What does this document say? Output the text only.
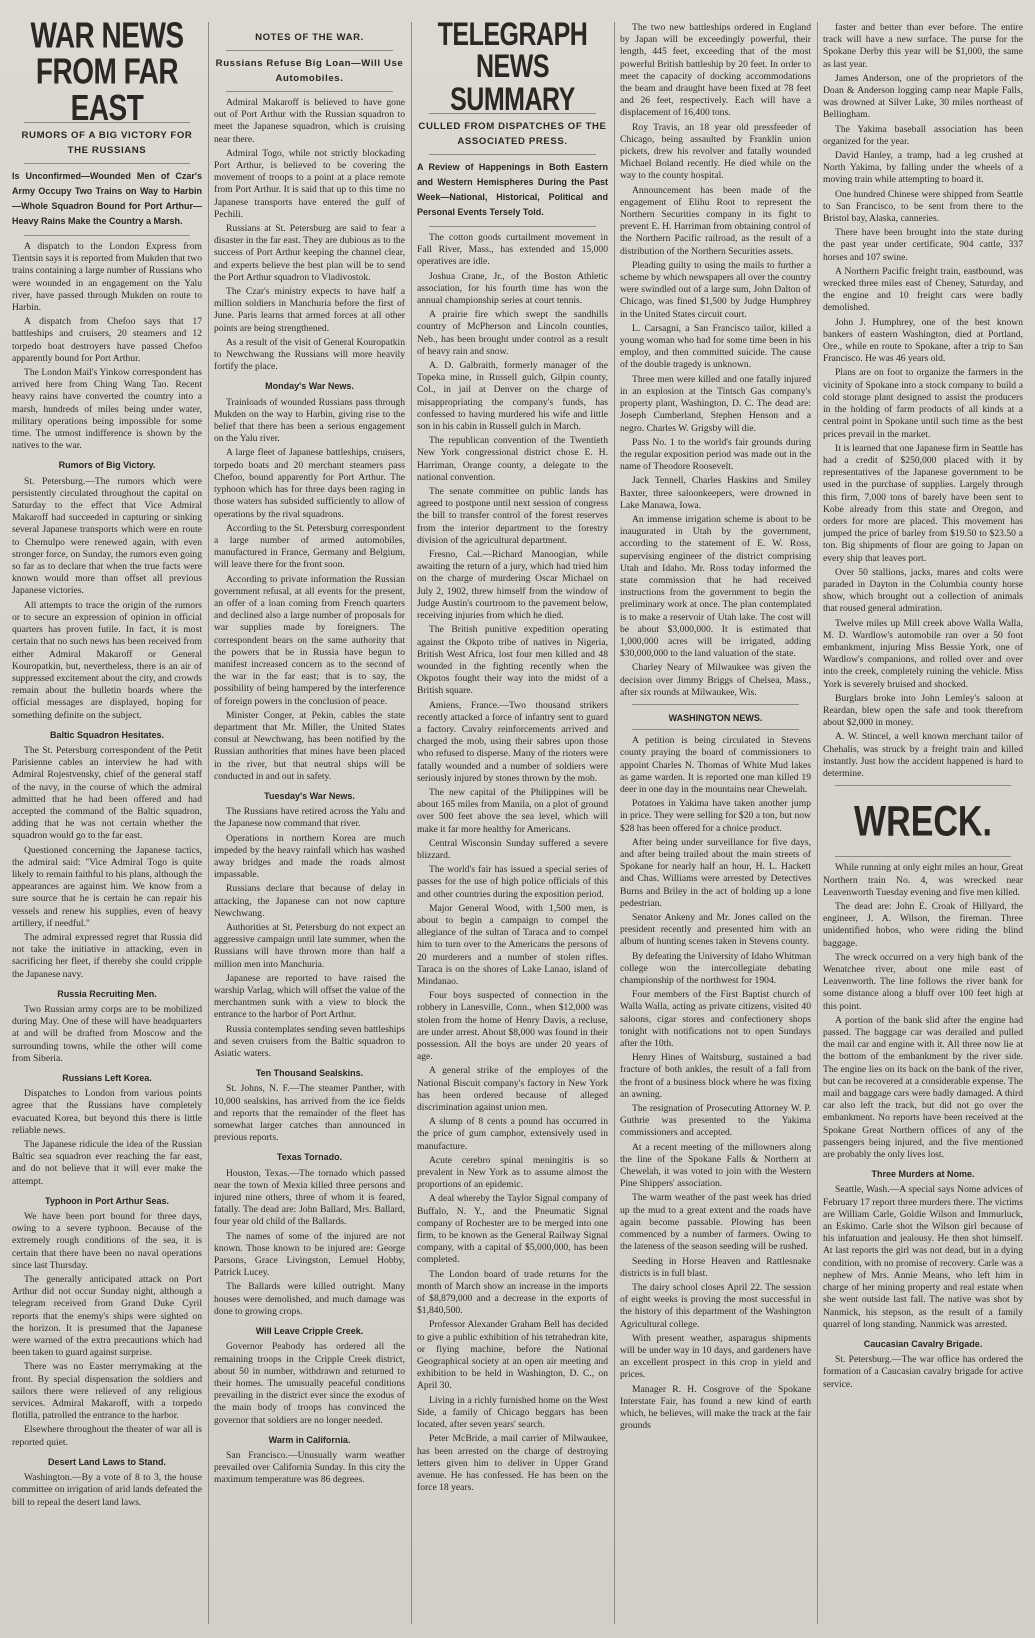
WAR NEWS FROM FAR EAST
RUMORS OF A BIG VICTORY FOR THE RUSSIANS
Is Unconfirmed—Wounded Men of Czar's Army Occupy Two Trains on Way to Harbin—Whole Squadron Bound for Port Arthur—Heavy Rains Make the Country a Marsh.

A dispatch to the London Express from Tientsin says it is reported from Mukden that two trains containing a large number of Russians who were wounded in an engagement on the Yalu river, have passed through Mukden on route to Harbin.

A dispatch from Chefoo says that 17 battleships and cruisers, 20 steamers and 12 torpedo boat destroyers have passed Chefoo apparently bound for Port Arthur.

The London Mail's Yinkow correspondent has arrived here from Ching Wang Tao. Recent heavy rains have converted the country into a marsh, hundreds of miles being under water, military operations being impossible for some time. The utmost indifference is shown by the natives to the war.

Rumors of Big Victory.

St. Petersburg.—The rumors which were persistently circulated throughout the capital on Saturday to the effect that Vice Admiral Makaroff had succeeded in capturing or sinking several Japanese transports which were en route to Chemulpo were renewed again, with even stronger force, on Sunday, the rumors even going so far as to declare that when the true facts were known would more than offset all previous Japanese victories.

All attempts to trace the origin of the rumors or to secure an expression of opinion in official quarters has proven futile. In fact, it is most certain that no such news has been received from either Admiral Makaroff or General Kouropatkin, but, nevertheless, there is an air of suppressed excitement about the city, and crowds remain about the bulletin boards where the official messages are displayed, hoping for something definite on the subject.

Baltic Squadron Hesitates.

The St. Petersburg correspondent of the Petit Parisienne cables an interview he had with Admiral Rojestvensky, chief of the general staff of the navy, in the course of which the admiral admitted that he had been offered and had accepted the command of the Baltic squadron, adding that he was not certain whether the squadron would go to the far east.

Questioned concerning the Japanese tactics, the admiral said: "Vice Admiral Togo is quite likely to remain faithful to his plans, although the appearances are against him. We know from a sure source that he is certain he can repair his vessels and renew his supplies, even of heavy artillery, if needful."

The admiral expressed regret that Russia did not take the initiative in attacking, even in sacrificing her fleet, if thereby she could cripple the Japanese navy.

Russia Recruiting Men.

Two Russian army corps are to be mobilized during May. One of these will have headquarters at and will be drafted from Moscow and the surrounding towns, while the other will come from Siberia.

Russians Left Korea.

Dispatches to London from various points agree that the Russians have completely evacuated Korea, but beyond this there is little reliable news.

The Japanese ridicule the idea of the Russian Baltic sea squadron ever reaching the far east, and do not believe that it will ever make the attempt.

Typhoon in Port Arthur Seas.

We have been port bound for three days, owing to a severe typhoon. Because of the extremely rough conditions of the sea, it is certain that there have been no naval operations since last Thursday.

The generally anticipated attack on Port Arthur did not occur Sunday night, although a telegram received from Grand Duke Cyril reports that the enemy's ships were sighted on the horizon. It is presumed that the Japanese were warned of the extra precautions which had been taken to guard against surprise.

There was no Easter merrymaking at the front. By special dispensation the soldiers and sailors there were relieved of any religious services. Admiral Makaroff, with a torpedo flotilla, patrolled the entrance to the harbor.

Elsewhere throughout the theater of war all is reported quiet.

Desert Land Laws to Stand.

Washington.—By a vote of 8 to 3, the house committee on irrigation of arid lands defeated the bill to repeal the desert land laws.

NOTES OF THE WAR.
Russians Refuse Big Loan—Will Use Automobiles.

Admiral Makaroff is believed to have gone out of Port Arthur with the Russian squadron to meet the Japanese squadron, which is cruising near there.

Admiral Togo, while not strictly blockading Port Arthur, is believed to be covering the movement of troops to a point at a place remote from Port Arthur. It is said that up to this time no Japanese transports have entered the gulf of Pechili.

Russians at St. Petersburg are said to fear a disaster in the far east. They are dubious as to the success of Port Arthur keeping the channel clear, and experts believe the best plan will be to send the Port Arthur squadron to Vladivostok.

The Czar's ministry expects to have half a million soldiers in Manchuria before the first of June. Paris learns that armed forces at all other points are being strengthened.

As a result of the visit of General Kouropatkin to Newchwang the Russians will more heavily fortify the place.

Monday's War News.

Trainloads of wounded Russians pass through Mukden on the way to Harbin, giving rise to the belief that there has been a serious engagement on the Yalu river.

A large fleet of Japanese battleships, cruisers, torpedo boats and 20 merchant steamers pass Chefoo, bound apparently for Port Arthur. The typhoon which has for three days been raging in those waters has subsided sufficiently to allow of operations by the rival squadrons.

According to the St. Petersburg correspondent a large number of armed automobiles, manufactured in France, Germany and Belgium, will leave there for the front soon.

According to private information the Russian government refusal, at all events for the present, an offer of a loan coming from French quarters and declined also a large number of proposals for war supplies made by foreigners. The correspondent bears on the same authority that the powers that be in Russia have begun to manifest increased concern as to the second of the war in the far east; that is to say, the possibility of being hampered by the interference of foreign powers in the conclusion of peace.

Minister Conger, at Pekin, cables the state department that Mr. Miller, the United States consul at Newchwang, has been notified by the Russian authorities that mines have been placed in the river, but that neutral ships will be conducted in and out in safety.

Tuesday's War News.

The Russians have retired across the Yalu and the Japanese now command that river.

Operations in northern Korea are much impeded by the heavy rainfall which has washed away bridges and made the roads almost impassable.

Russians declare that because of delay in attacking, the Japanese can not now capture Newchwang.

Authorities at St. Petersburg do not expect an aggressive campaign until late summer, when the Russians will have thrown more than half a million men into Manchuria.

Japanese are reported to have raised the warship Varlag, which will offset the value of the merchantmen sunk with a view to block the entrance to the harbor of Port Arthur.

Russia contemplates sending seven battleships and seven cruisers from the Baltic squadron to Asiatic waters.

Ten Thousand Sealskins.

St. Johns, N. F.—The steamer Panther, with 10,000 sealskins, has arrived from the ice fields and reports that the remainder of the fleet has somewhat larger catches than announced in previous reports.

Texas Tornado.

Houston, Texas.—The tornado which passed near the town of Mexia killed three persons and injured nine others, three of whom it is feared, fatally. The dead are: John Ballard, Mrs. Ballard, four year old child of the Ballards.

The names of some of the injured are not known. Those known to be injured are: George Parsons, Grace Livingston, Lemuel Hobby, Patrick Lucey.

The Ballards were killed outright. Many houses were demolished, and much damage was done to growing crops.

Will Leave Cripple Creek.

Governor Peabody has ordered all the remaining troops in the Cripple Creek district, about 50 in number, withdrawn and returned to their homes. The unusually peaceful conditions prevailing in the district ever since the exodus of the main body of troops has convinced the governor that soldiers are no longer needed.

Warm in California.

San Francisco.—Unusually warm weather prevailed over California Sunday. In this city the maximum temperature was 86 degrees.

TELEGRAPH NEWS SUMMARY
CULLED FROM DISPATCHES OF THE ASSOCIATED PRESS.
A Review of Happenings in Both Eastern and Western Hemispheres During the Past Week—National, Historical, Political and Personal Events Tersely Told.

The cotton goods curtailment movement in Fall River, Mass., has extended and 15,000 operatives are idle.

Joshua Crane, Jr., of the Boston Athletic association, for his fourth time has won the annual championship series at court tennis.

A prairie fire which swept the sandhills country of McPherson and Lincoln counties, Neb., has been brought under control as a result of heavy rain and snow.

A. D. Galbraith, formerly manager of the Topeka mine, in Russell gulch, Gilpin county, Col., in jail at Denver on the charge of misappropriating the company's funds, has confessed to having murdered his wife and little son in his cabin in Russell gulch in March.

The republican convention of the Twentieth New York congressional district chose E. H. Harriman, Orange county, a delegate to the national convention.

The senate committee on public lands has agreed to postpone until next session of congress the bill to transfer control of the forest reserves from the interior department to the forestry division of the agricultural department.

Fresno, Cal.—Richard Manoogian, while awaiting the return of a jury, which had tried him on the charge of murdering Oscar Michael on July 2, 1902, threw himself from the window of Judge Austin's courtroom to the pavement below, receiving injuries from which he died.

The British punitive expedition operating against the Okpoto tribe of natives in Nigeria, British West Africa, lost four men killed and 48 wounded in the fighting recently when the Okpotos fought their way into the midst of a British square.

Amiens, France.—Two thousand strikers recently attacked a force of infantry sent to guard a factory. Cavalry reinforcements arrived and charged the mob, using their sabres upon those who refused to disperse. Many of the rioters were fatally wounded and a number of soldiers were seriously injured by stones thrown by the mob.

The new capital of the Philippines will be about 165 miles from Manila, on a plot of ground over 500 feet above the sea level, which will make it far more healthy for Americans.

Central Wisconsin Sunday suffered a severe blizzard.

The world's fair has issued a special series of passes for the use of high police officials of this and other countries during the exposition period.

Major General Wood, with 1,500 men, is about to begin a campaign to compel the allegiance of the sultan of Taraca and to compel him to turn over to the Americans the persons of 20 murderers and a number of stolen rifles. Taraca is on the shores of Lake Lanao, island of Mindanao.

Four boys suspected of connection in the robbery in Lanesville, Conn., when $12,000 was stolen from the home of Henry Davis, a recluse, are under arrest. About $8,000 was found in their possession. All the boys are under 20 years of age.

A general strike of the employes of the National Biscuit company's factory in New York has been ordered because of alleged discrimination against union men.

A slump of 8 cents a pound has occurred in the price of gum camphor, extensively used in manufacture.

Acute cerebro spinal meningitis is so prevalent in New York as to assume almost the proportions of an epidemic.

A deal whereby the Taylor Signal company of Buffalo, N. Y., and the Pneumatic Signal company of Rochester are to be merged into one firm, to be known as the General Railway Signal company, with a capital of $5,000,000, has been completed.

The London board of trade returns for the month of March show an increase in the imports of $8,879,000 and a decrease in the exports of $1,840,500.

Professor Alexander Graham Bell has decided to give a public exhibition of his tetrahedran kite, or flying machine, before the National Geographical society at an open air meeting and exhibition to be held in Washington, D. C., on April 30.

Living in a richly furnished home on the West Side, a family of Chicago beggars has been located, after seven years' search.

Peter McBride, a mail carrier of Milwaukee, has been arrested on the charge of destroying letters given him to deliver in Upper Grand avenue. He has confessed. He has been on the force 18 years.

The two new battleships ordered in England by Japan will be exceedingly powerful, their length, 445 feet, exceeding that of the most powerful British battleship by 20 feet. In order to meet the capacity of docking accommodations the beam and draught have been fixed at 78 feet and 26 feet, respectively. Each will have a displacement of 16,400 tons.

Roy Travis, an 18 year old pressfeeder of Chicago, being assaulted by Franklin union pickets, drew his revolver and fatally wounded Michael Boland recently. He died while on the way to the county hospital.

Announcement has been made of the engagement of Elihu Root to represent the Northern Securities company in its fight to prevent E. H. Harriman from obtaining control of the Northern Pacific railroad, as the result of a distribution of the Northern Securities assets.

Pleading guilty to using the mails to further a scheme by which newspapers all over the country were swindled out of a large sum, John Dalton of Chicago, was fined $1,500 by Judge Humphrey in the United States circuit court.

L. Carsagni, a San Francisco tailor, killed a young woman who had for some time been in his employ, and then committed suicide. The cause of the double tragedy is unknown.

Three men were killed and one fatally injured in an explosion at the Tintsch Gas company's property plant, Washington, D. C. The dead are: Joseph Cumberland, Stephen Henson and a negro. Charles W. Grigsby will die.

Pass No. 1 to the world's fair grounds during the regular exposition period was made out in the name of Theodore Roosevelt.

Jack Tennell, Charles Haskins and Smiley Baxter, three saloonkeepers, were drowned in Lake Manawa, Iowa.

An immense irrigation scheme is about to be inaugurated in Utah by the government, according to the statement of E. W. Ross, supervising engineer of the district comprising Utah and Idaho. Mr. Ross today informed the state commission that he had received instructions from the government to begin the preliminary work at once. The plan contemplated is to make a reservoir of Utah lake. The cost will be about $3,000,000. It is estimated that 1,000,000 acres will be irrigated, adding $30,000,000 to the land valuation of the state.

Charley Neary of Milwaukee was given the decision over Jimmy Briggs of Chelsea, Mass., after six rounds at Milwaukee, Wis.

WASHINGTON NEWS.

A petition is being circulated in Stevens county praying the board of commissioners to appoint Charles N. Thomas of White Mud lakes as game warden. It is reported one man killed 19 deer in one day in the mountains near Chewelah.

Potatoes in Yakima have taken another jump in price. They were selling for $20 a ton, but now $28 has been offered for a choice product.

After being under surveillance for five days, and after being trailed about the main streets of Spokane for nearly half an hour, H. L. Hackett and Chas. Williams were arrested by Detectives Burns and Briley in the act of holding up a lone pedestrian.

Senator Ankeny and Mr. Jones called on the president recently and presented him with an album of hunting scenes taken in Stevens county.

By defeating the University of Idaho Whitman college won the intercollegiate debating championship of the northwest for 1904.

Four members of the First Baptist church of Walla Walla, acting as private citizens, visited 40 saloons, cigar stores and confectionery shops tonight with notifications not to open Sundays after the 10th.

Henry Hines of Waitsburg, sustained a bad fracture of both ankles, the result of a fall from the front of a business block where he was fixing an awning.

The resignation of Prosecuting Attorney W. P. Guthrie was presented to the Yakima commissioners and accepted.

At a recent meeting of the millowners along the line of the Spokane Falls & Northern at Chewelah, it was voted to join with the Western Pine Shippers' association.

The warm weather of the past week has dried up the mud to a great extent and the roads have again become passable. Plowing has been commenced by a number of farmers. Owing to the lateness of the season seeding will be rushed.

Seeding in Horse Heaven and Rattlesnake districts is in full blast.

The dairy school closes April 22. The session of eight weeks is proving the most successful in the history of this department of the Washington Agricultural college.

With present weather, asparagus shipments will be under way in 10 days, and gardeners have an excellent prospect in this crop in yield and prices.

Manager R. H. Cosgrove of the Spokane Interstate Fair, has found a new kind of earth which, he believes, will make the track at the fair grounds

faster and better than ever before. The entire track will have a new surface. The purse for the Spokane Derby this year will be $1,000, the same as last year.

James Anderson, one of the proprietors of the Doan & Anderson logging camp near Maple Falls, was drowned at Silver Lake, 30 miles northeast of Bellingham.

The Yakima baseball association has been organized for the year.

David Hanley, a tramp, had a leg crushed at North Yakima, by falling under the wheels of a moving train while attempting to board it.

One hundred Chinese were shipped from Seattle to San Francisco, to be sent from there to the Bristol bay, Alaska, canneries.

There have been brought into the state during the past year under certificate, 904 cattle, 337 horses and 107 swine.

A Northern Pacific freight train, eastbound, was wrecked three miles east of Cheney, Saturday, and the engine and 10 freight cars were badly demolished.

John J. Humphrey, one of the best known bankers of eastern Washington, died at Portland, Ore., while en route to Spokane, after a trip to San Francisco. He was 46 years old.

Plans are on foot to organize the farmers in the vicinity of Spokane into a stock company to build a cold storage plant designed to assist the producers in the holding of farm products of all kinds at a central point in Spokane until such time as the best prices prevail in the market.

It is learned that one Japanese firm in Seattle has had a credit of $250,000 placed with it by representatives of the Japanese government to be used in the purchase of supplies. Largely through this firm, 7,000 tons of barely have been sent to Kobe already from this state and Oregon, and orders for more are placed. This movement has jumped the price of barley from $19.50 to $23.50 a ton. Big shipments of flour are going to Japan on every ship that leaves port.

Over 50 stallions, jacks, mares and colts were paraded in Dayton in the Columbia county horse show, which brought out a collection of animals that roused general admiration.

Twelve miles up Mill creek above Walla Walla, M. D. Wardlow's automobile ran over a 50 foot embankment, injuring Miss Bessie York, one of Wardlow's companions, and rolled over and over into the creek, completely ruining the vehicle. Miss York is severely bruised and shocked.

Burglars broke into John Lemley's saloon at Reardan, blew open the safe and took therefrom about $2,000 in money.

A. W. Stincel, a well known merchant tailor of Chehalis, was struck by a freight train and killed instantly. Just how the accident happened is hard to determine.

WRECK.

While running at only eight miles an hour, Great Northern train No. 4, was wrecked near Leavenworth Tuesday evening and five men killed.

The dead are: John E. Croak of Hillyard, the engineer, J. A. Wilson, the fireman. Three unidentified hobos, who were riding the blind baggage.

The wreck occurred on a very high bank of the Wenatchee river, about one mile east of Leavenworth. The line follows the river bank for some distance along a bluff over 100 feet high at this point.

A portion of the bank slid after the engine had passed. The baggage car was derailed and pulled the mail car and engine with it. All three now lie at the bottom of the embankment by the river side. The engine lies on its back on the bank of the river, but can be recovered at a considerable expense. The mail and baggage cars were badly damaged. A third car also left the track, but did not go over the embankment. No reports have been received at the Spokane Great Northern offices of any of the passengers being injured, and the five mentioned are probably the only lives lost.

Three Murders at Nome.

Seattle, Wash.—A special says Nome advices of February 17 report three murders there. The victims are William Carle, Goldie Wilson and Immurluck, an Eskimo. Carle shot the Wilson girl because of his infatuation and jealousy. He then shot himself. At last reports the girl was not dead, but in a dying condition, with no promise of recovery. Carle was a nephew of Mrs. Annie Means, who left him in charge of her mining property and real estate when she went outside last fall. The native was shot by Nanmick, his stepson, as the result of a family quarrel of long standing. Nanmick was arrested.

Caucasian Cavalry Brigade.

St. Petersburg.—The war office has ordered the formation of a Caucasian cavalry brigade for active service.
